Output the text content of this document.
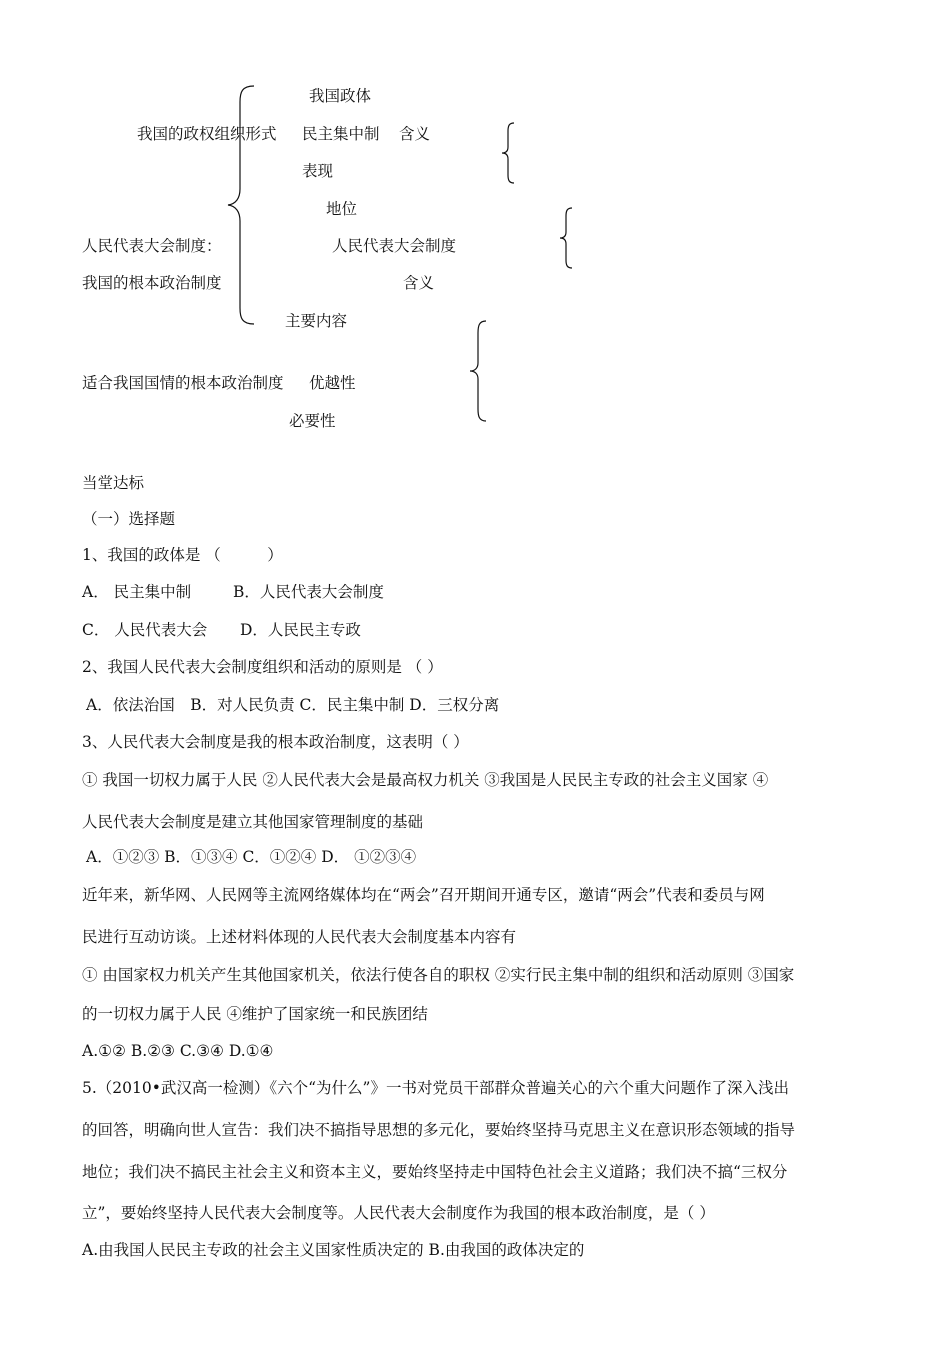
我国政体
我国的政权组织形式 民主集中制 含义
表现
地位
人民代表大会制度：	人民代表大会制度
我国的根本政治制度	含义
主要内容
适合我国国情的根本政治制度 优越性
必要性
当堂达标
（一）选择题
1、我国的政体是 （　　　）
A． 民主集中制	B．人民代表大会制度
C． 人民代表大会 D．人民民主专政
2、我国人民代表大会制度组织和活动的原则是 （ ）
A．依法治国　B．对人民负责 C．民主集中制 D．三权分离
3、人民代表大会制度是我的根本政治制度，这表明（ ）
① 我国一切权力属于人民 ②人民代表大会是最高权力机关 ③我国是人民民主专政的社会主义国家 ④
人民代表大会制度是建立其他国家管理制度的基础
A．①②③ B．①③④ C．①②④ D． ①②③④
近年来，新华网、人民网等主流网络媒体均在“两会”召开期间开通专区，邀请“两会”代表和委员与网
民进行互动访谈。上述材料体现的人民代表大会制度基本内容有
① 由国家权力机关产生其他国家机关，依法行使各自的职权 ②实行民主集中制的组织和活动原则 ③国家
的一切权力属于人民 ④维护了国家统一和民族团结
A.①② B.②③ C.③④ D.①④
5.（2010•武汉高一检测）《六个“为什么”》一书对党员干部群众普遍关心的六个重大问题作了深入浅出
的回答，明确向世人宣告：我们决不搞指导思想的多元化，要始终坚持马克思主义在意识形态领域的指导
地位；我们决不搞民主社会主义和资本主义，要始终坚持走中国特色社会主义道路；我们决不搞“三权分
立”，要始终坚持人民代表大会制度等。人民代表大会制度作为我国的根本政治制度，是（ ）
A.由我国人民民主专政的社会主义国家性质决定的 B.由我国的政体决定的
